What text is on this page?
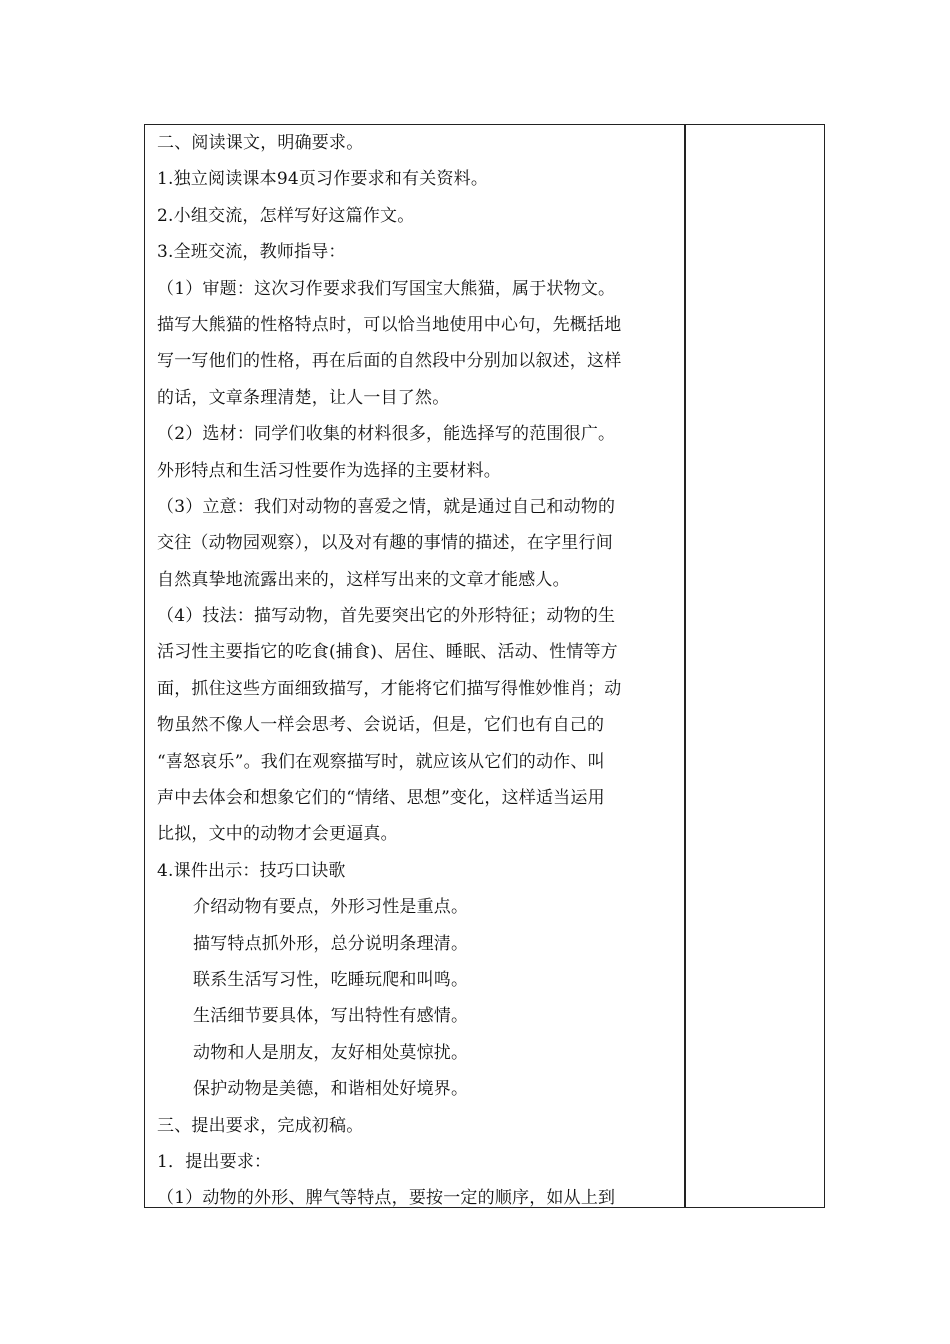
二、阅读课文，明确要求。
1.独立阅读课本94页习作要求和有关资料。
2.小组交流，怎样写好这篇作文。
3.全班交流，教师指导：
（1）审题：这次习作要求我们写国宝大熊猫，属于状物文。
描写大熊猫的性格特点时，可以恰当地使用中心句，先概括地
写一写他们的性格，再在后面的自然段中分别加以叙述，这样
的话，文章条理清楚，让人一目了然。
（2）选材：同学们收集的材料很多，能选择写的范围很广。
外形特点和生活习性要作为选择的主要材料。
（3）立意：我们对动物的喜爱之情，就是通过自己和动物的
交往（动物园观察），以及对有趣的事情的描述，在字里行间
自然真挚地流露出来的，这样写出来的文章才能感人。
（4）技法：描写动物，首先要突出它的外形特征；动物的生
活习性主要指它的吃食(捕食)、居住、睡眠、活动、性情等方
面，抓住这些方面细致描写，才能将它们描写得惟妙惟肖；动
物虽然不像人一样会思考、会说话，但是，它们也有自己的
“喜怒哀乐”。我们在观察描写时，就应该从它们的动作、叫
声中去体会和想象它们的“情绪、思想”变化，这样适当运用
比拟，文中的动物才会更逼真。
4.课件出示：技巧口诀歌
介绍动物有要点，外形习性是重点。
描写特点抓外形，总分说明条理清。
联系生活写习性，吃睡玩爬和叫鸣。
生活细节要具体，写出特性有感情。
动物和人是朋友，友好相处莫惊扰。
保护动物是美德，和谐相处好境界。
三、提出要求，完成初稿。
1．提出要求：
（1）动物的外形、脾气等特点，要按一定的顺序，如从上到
